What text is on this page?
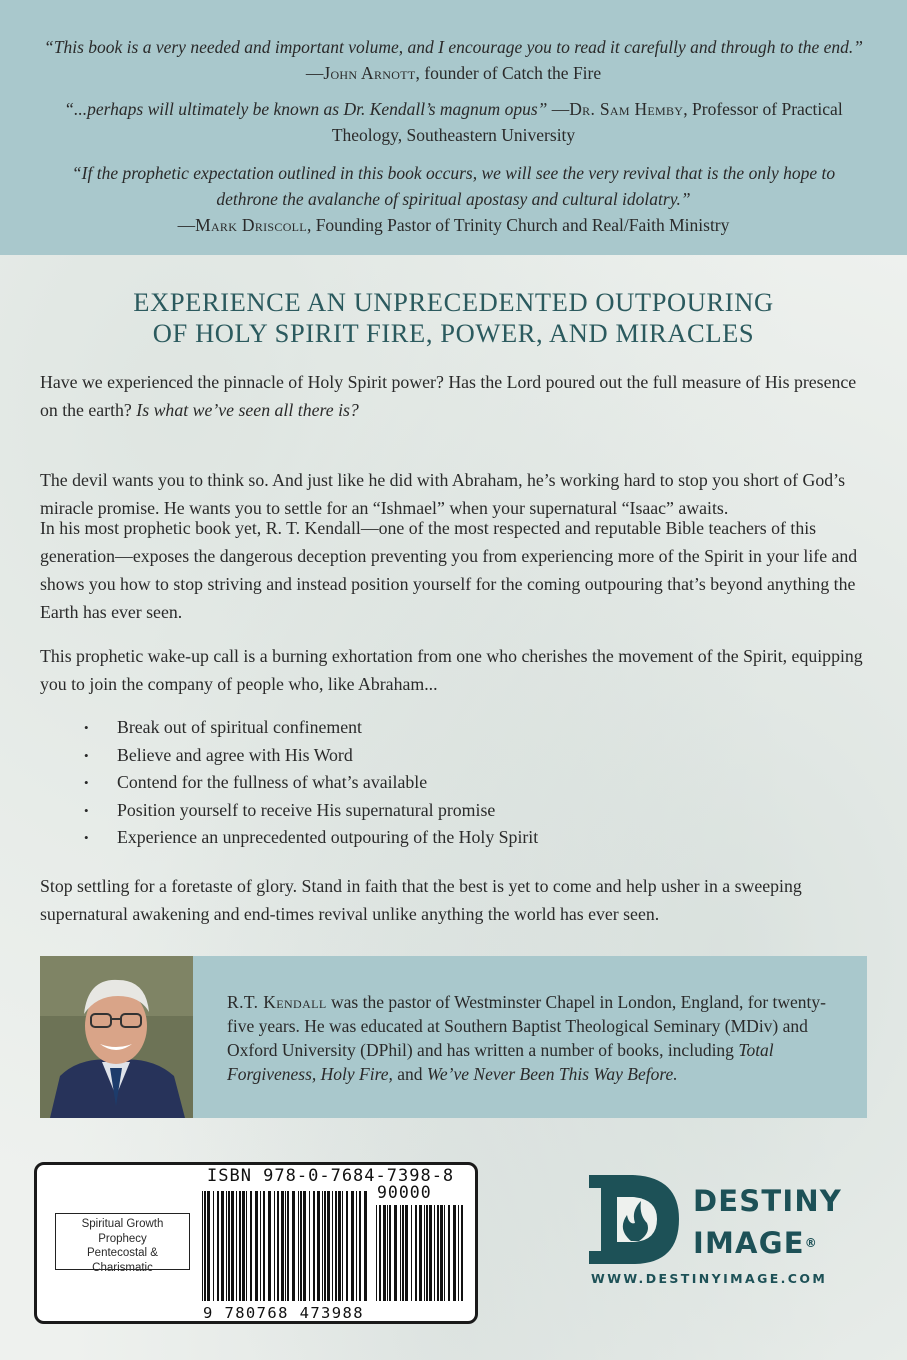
“This book is a very needed and important volume, and I encourage you to read it carefully and through to the end.” —John Arnott, founder of Catch the Fire
“...perhaps will ultimately be known as Dr. Kendall’s magnum opus” —Dr. Sam Hemby, Professor of Practical Theology, Southeastern University
“If the prophetic expectation outlined in this book occurs, we will see the very revival that is the only hope to dethrone the avalanche of spiritual apostasy and cultural idolatry.”
—Mark Driscoll, Founding Pastor of Trinity Church and Real/Faith Ministry
EXPERIENCE AN UNPRECEDENTED OUTPOURING
OF HOLY SPIRIT FIRE, POWER, AND MIRACLES
Have we experienced the pinnacle of Holy Spirit power? Has the Lord poured out the full measure of His presence on the earth? Is what we’ve seen all there is?
The devil wants you to think so. And just like he did with Abraham, he’s working hard to stop you short of God’s miracle promise. He wants you to settle for an “Ishmael” when your supernatural “Isaac” awaits.
In his most prophetic book yet, R. T. Kendall—one of the most respected and reputable Bible teachers of this generation—exposes the dangerous deception preventing you from experiencing more of the Spirit in your life and shows you how to stop striving and instead position yourself for the coming outpouring that’s beyond anything the Earth has ever seen.
This prophetic wake-up call is a burning exhortation from one who cherishes the movement of the Spirit, equipping you to join the company of people who, like Abraham...
• Break out of spiritual confinement
• Believe and agree with His Word
• Contend for the fullness of what’s available
• Position yourself to receive His supernatural promise
• Experience an unprecedented outpouring of the Holy Spirit
Stop settling for a foretaste of glory. Stand in faith that the best is yet to come and help usher in a sweeping supernatural awakening and end-times revival unlike anything the world has ever seen.
R.T. Kendall was the pastor of Westminster Chapel in London, England, for twenty-five years. He was educated at Southern Baptist Theological Seminary (MDiv) and Oxford University (DPhil) and has written a number of books, including Total Forgiveness, Holy Fire, and We’ve Never Been This Way Before.
Spiritual Growth
Prophecy
Pentecostal & Charismatic
ISBN 978-0-7684-7398-8
90000
9 780768 473988
DESTINY
IMAGE®
WWW.DESTINYIMAGE.COM
